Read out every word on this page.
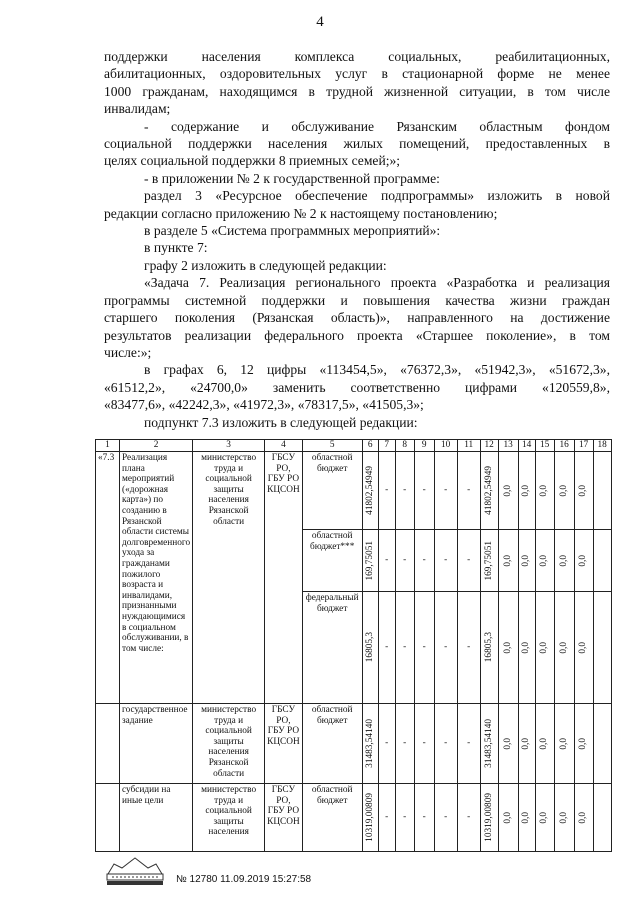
4

поддержки населения комплекса социальных, реабилитационных,

абилитационных, оздоровительных услуг в стационарной форме не менее

1000 гражданам, находящимся в трудной жизненной ситуации, в том числе

инвалидам;

- содержание и обслуживание Рязанским областным фондом

социальной поддержки населения жилых помещений, предоставленных в

целях социальной поддержки 8 приемных семей;»;

- в приложении № 2 к государственной программе:

раздел 3 «Ресурсное обеспечение подпрограммы» изложить в новой

редакции согласно приложению № 2 к настоящему постановлению;

в разделе 5 «Система программных мероприятий»:

в пункте 7:

графу 2 изложить в следующей редакции:

«Задача 7. Реализация регионального проекта «Разработка и реализация

программы системной поддержки и повышения качества жизни граждан

старшего поколения (Рязанская область)», направленного на достижение

результатов реализации федерального проекта «Старшее поколение», в том

числе:»;

в графах 6, 12 цифры «113454,5», «76372,3», «51942,3», «51672,3»,

«61512,2», «24700,0» заменить соответственно цифрами «120559,8»,

«83477,6», «42242,3», «41972,3», «78317,5», «41505,3»;

подпункт 7.3 изложить в следующей редакции:

1	2	3	4	5	6	7	8	9	10	11	12	13	14	15	16	17	18
«7.3	Реализация плана мероприятий («дорожная карта») по созданию в Рязанской области системы долговременного ухода за гражданами пожилого возраста и инвалидами, признанными нуждающимися в социальном обслуживании, в том числе:	министерство труда и социальной защиты населения Рязанской области	ГБСУ РО, ГБУ РО КЦСОН	областной бюджет	41802,54949	-	-	-	-	-	41802,54949	0,0	0,0	0,0	0,0	0,0	

				областной бюджет***	169,75051	-	-	-	-	-	169,75051	0,0	0,0	0,0	0,0	0,0	

				федеральный бюджет	16805,3	-	-	-	-	-	16805,3	0,0	0,0	0,0	0,0	0,0	

	государственное задание	министерство труда и социальной защиты населения Рязанской области	ГБСУ РО, ГБУ РО КЦСОН	областной бюджет	31483,54140	-	-	-	-	-	31483,54140	0,0	0,0	0,0	0,0	0,0	

	субсидии на иные цели	министерство труда и социальной защиты населения	ГБСУ РО, ГБУ РО КЦСОН	областной бюджет	10319,00809	-	-	-	-	-	10319,00809	0,0	0,0	0,0	0,0	0,0	

№ 12780 11.09.2019 15:27:58
